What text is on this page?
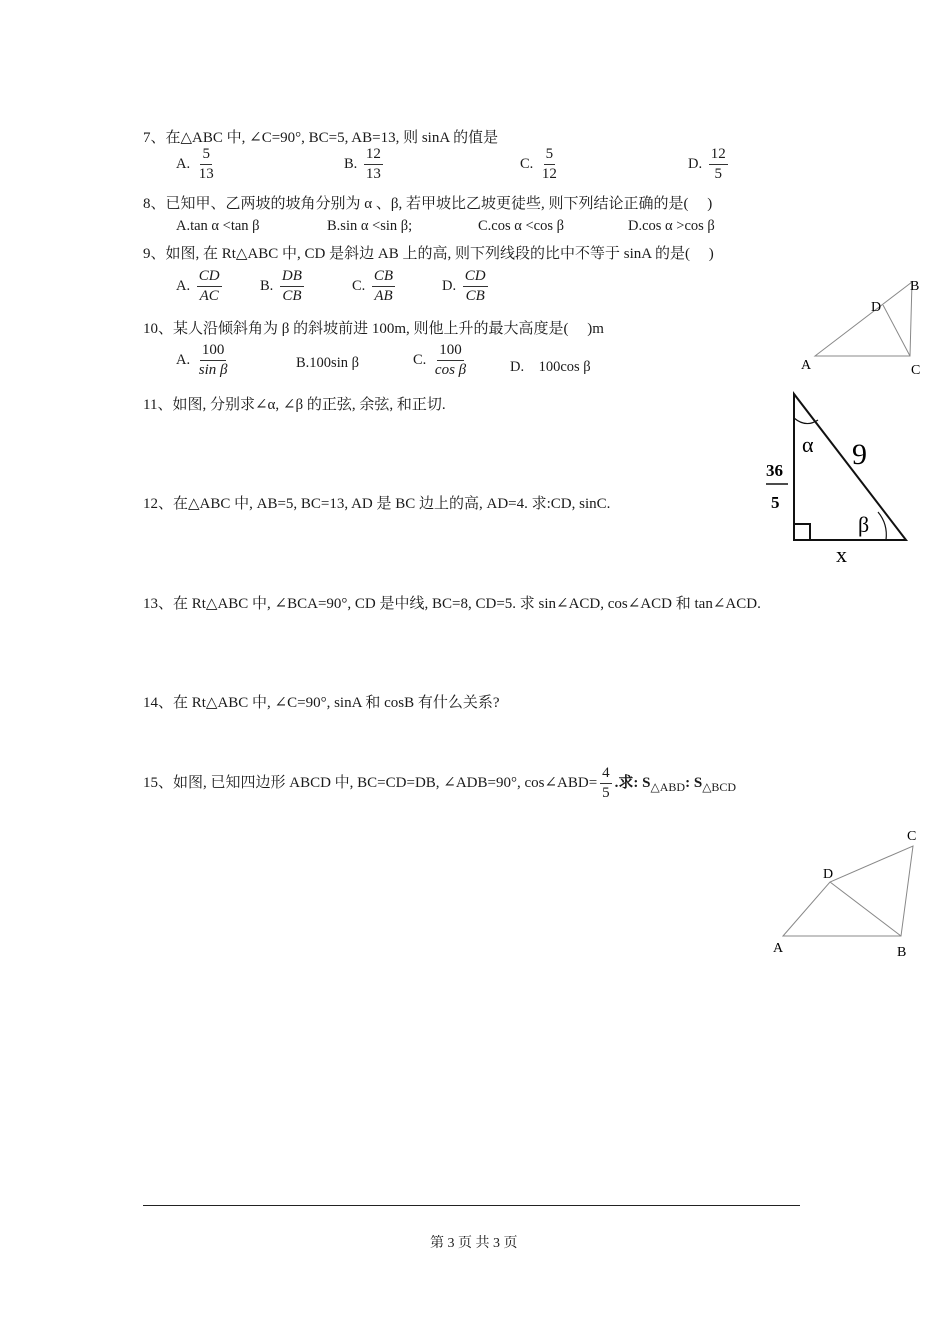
7、在△ABC 中, ∠C=90°, BC=5, AB=13, 则 sinA 的值是
A. $\frac{5}{13}$	B. $\frac{12}{13}$	C. $\frac{5}{12}$	D. $\frac{12}{5}$
8、已知甲、乙两坡的坡角分别为 α 、β, 若甲坡比乙坡更徒些, 则下列结论正确的是(　 )
A.tan α <tan β	B.sin α <sin β;	C.cos α <cos β	D.cos α >cos β
9、如图, 在 Rt△ABC 中, CD 是斜边 AB 上的高, 则下列线段的比中不等于 sinA 的是(　 )
A. $\frac{CD}{AC}$	B. $\frac{DB}{CB}$	C. $\frac{CB}{AB}$	D. $\frac{CD}{CB}$
A
B
C
D
10、某人沿倾斜角为 β 的斜坡前进 100m, 则他上升的最大高度是(　 )m
A. $\frac{100}{\text{sin β}}$	B.100sin β	C. $\frac{100}{\text{cos β}}$	D.　100cos β
11、如图, 分别求∠α, ∠β 的正弦, 余弦, 和正切.
36
5
9
α
β
x
12、在△ABC 中, AB=5, BC=13, AD 是 BC 边上的高, AD=4. 求:CD, sinC.
13、在 Rt△ABC 中, ∠BCA=90°, CD 是中线, BC=8, CD=5. 求 sin∠ACD, cos∠ACD 和 tan∠ACD.
14、在 Rt△ABC 中, ∠C=90°, sinA 和 cosB 有什么关系?
15、如图, 已知四边形 ABCD 中, BC=CD=DB, ∠ADB=90°, cos∠ABD= $\frac{4}{5}$ .求: $S_{\triangle ABD}$: $S_{\triangle BCD}$
A	B
C
D
第 3 页 共 3 页
